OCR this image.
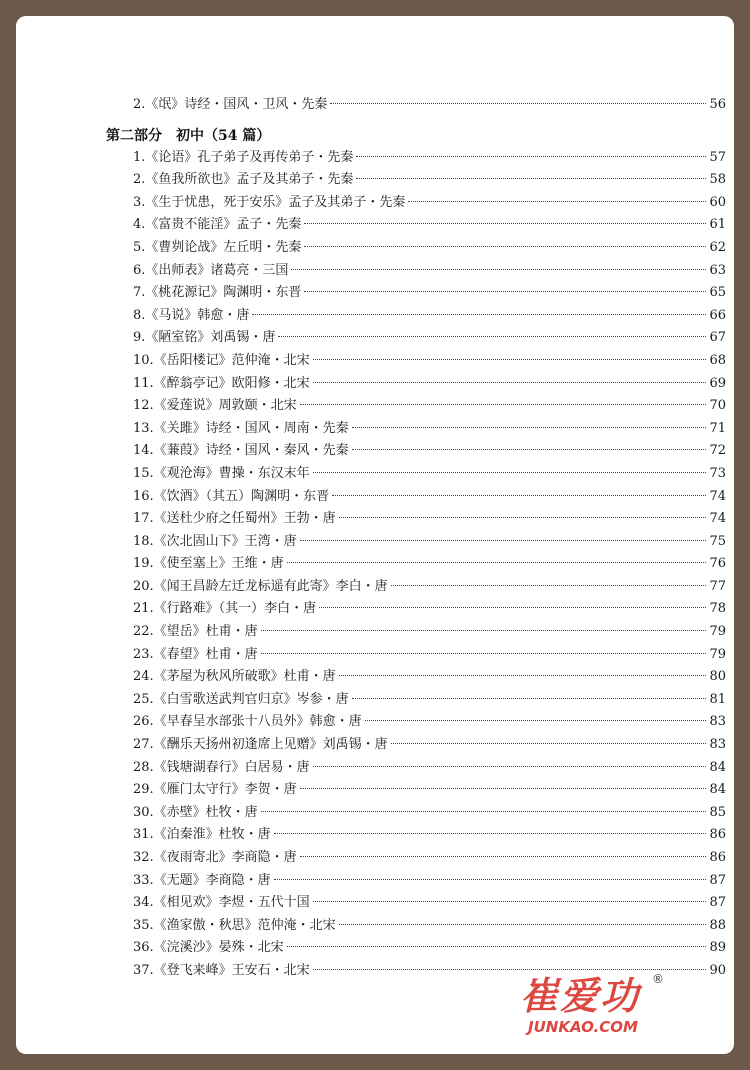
2.《氓》诗经・国风・卫风・先秦	56
第二部分　初中（54 篇）
1.《论语》孔子弟子及再传弟子・先秦	57
2.《鱼我所欲也》孟子及其弟子・先秦	58
3.《生于忧患，死于安乐》孟子及其弟子・先秦	60
4.《富贵不能淫》孟子・先秦	61
5.《曹刿论战》左丘明・先秦	62
6.《出师表》诸葛亮・三国	63
7.《桃花源记》陶渊明・东晋	65
8.《马说》韩愈・唐	66
9.《陋室铭》刘禹锡・唐	67
10.《岳阳楼记》范仲淹・北宋	68
11.《醉翁亭记》欧阳修・北宋	69
12.《爱莲说》周敦颐・北宋	70
13.《关雎》诗经・国风・周南・先秦	71
14.《蒹葭》诗经・国风・秦风・先秦	72
15.《观沧海》曹操・东汉末年	73
16.《饮酒》（其五）陶渊明・东晋	74
17.《送杜少府之任蜀州》王勃・唐	74
18.《次北固山下》王湾・唐	75
19.《使至塞上》王维・唐	76
20.《闻王昌龄左迁龙标遥有此寄》李白・唐	77
21.《行路难》（其一）李白・唐	78
22.《望岳》杜甫・唐	79
23.《春望》杜甫・唐	79
24.《茅屋为秋风所破歌》杜甫・唐	80
25.《白雪歌送武判官归京》岑参・唐	81
26.《早春呈水部张十八员外》韩愈・唐	83
27.《酬乐天扬州初逢席上见赠》刘禹锡・唐	83
28.《钱塘湖春行》白居易・唐	84
29.《雁门太守行》李贺・唐	84
30.《赤壁》杜牧・唐	85
31.《泊秦淮》杜牧・唐	86
32.《夜雨寄北》李商隐・唐	86
33.《无题》李商隐・唐	87
34.《相见欢》李煜・五代十国	87
35.《渔家傲・秋思》范仲淹・北宋	88
36.《浣溪沙》晏殊・北宋	89
37.《登飞来峰》王安石・北宋	90
崔爱功
JUNKAO.COM
®
